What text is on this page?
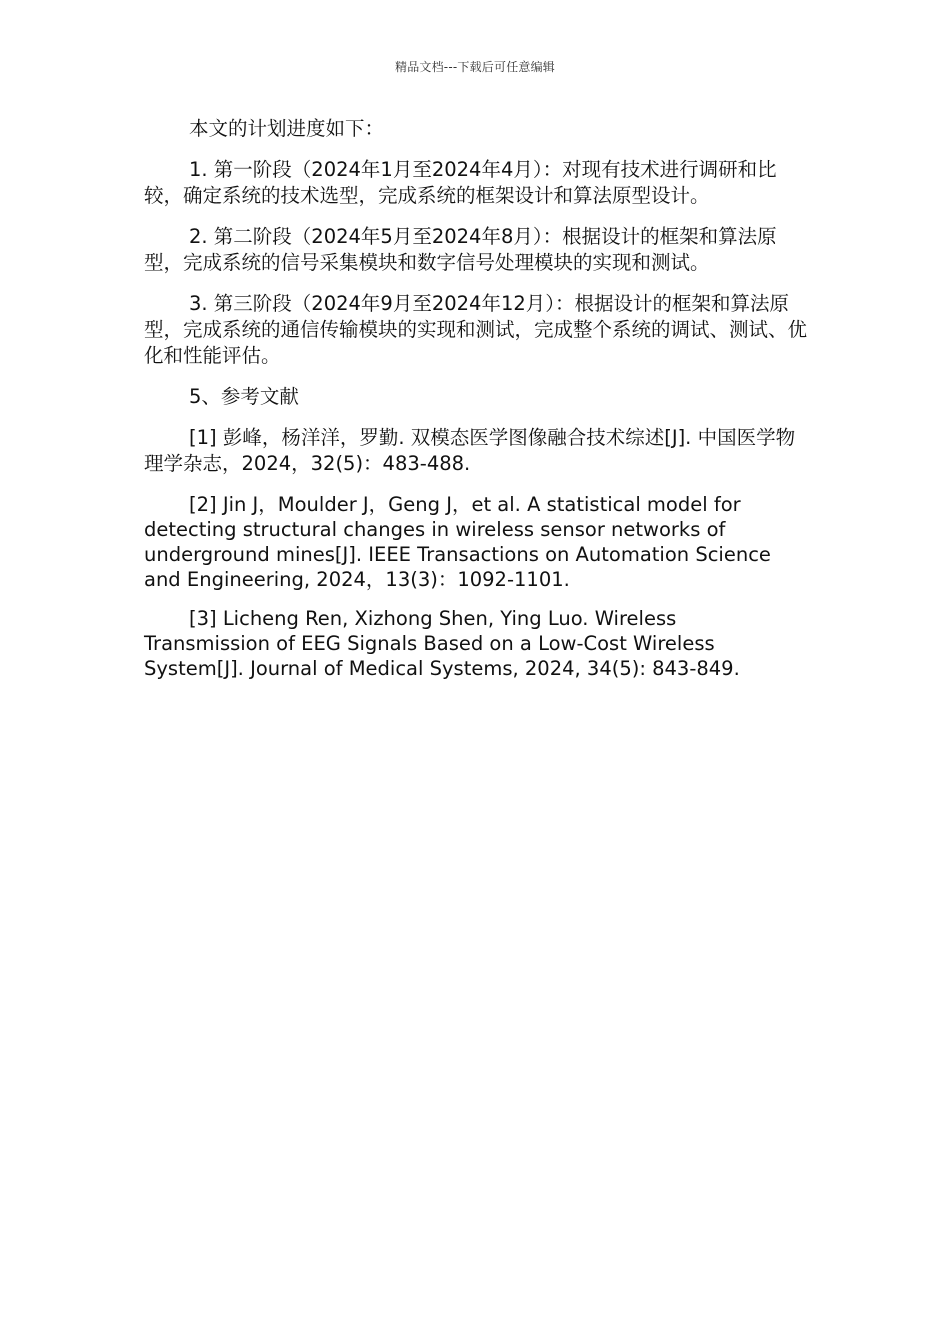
精品文档---下载后可任意编辑

本文的计划进度如下：

1. 第一阶段（2024年1月至2024年4月）：对现有技术进行调研和比较，确定系统的技术选型，完成系统的框架设计和算法原型设计。

2. 第二阶段（2024年5月至2024年8月）：根据设计的框架和算法原型，完成系统的信号采集模块和数字信号处理模块的实现和测试。

3. 第三阶段（2024年9月至2024年12月）：根据设计的框架和算法原型，完成系统的通信传输模块的实现和测试，完成整个系统的调试、测试、优化和性能评估。

5、参考文献

[1] 彭峰，杨洋洋，罗勤. 双模态医学图像融合技术综述[J]. 中国医学物理学杂志，2024，32(5)：483-488.

[2] Jin J，Moulder J，Geng J，et al. A statistical model for detecting structural changes in wireless sensor networks of underground mines[J]. IEEE Transactions on Automation Science and Engineering, 2024，13(3)：1092-1101.

[3] Licheng Ren, Xizhong Shen, Ying Luo. Wireless Transmission of EEG Signals Based on a Low-Cost Wireless System[J]. Journal of Medical Systems, 2024, 34(5): 843-849.
